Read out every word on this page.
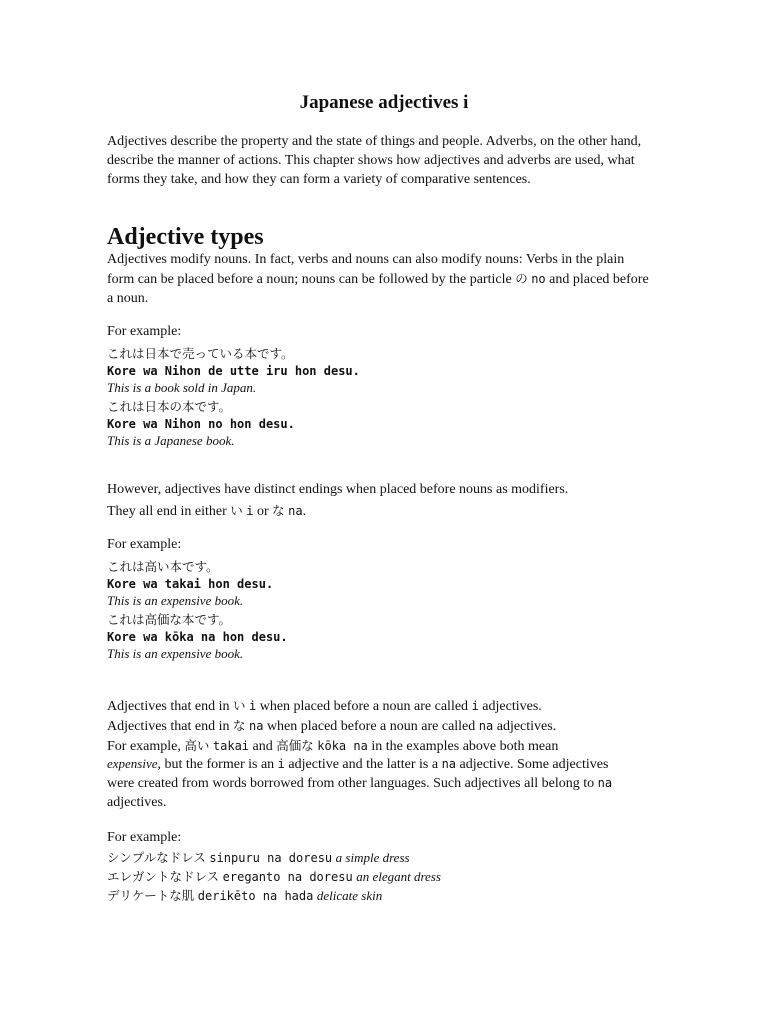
Japanese adjectives i

Adjectives describe the property and the state of things and people. Adverbs, on the other hand, describe the manner of actions. This chapter shows how adjectives and adverbs are used, what forms they take, and how they can form a variety of comparative sentences.

Adjective types

Adjectives modify nouns. In fact, verbs and nouns can also modify nouns: Verbs in the plain form can be placed before a noun; nouns can be followed by the particle の no and placed before a noun.

For example:
これは日本で売っている本です。
Kore wa Nihon de utte iru hon desu.
This is a book sold in Japan.
これは日本の本です。
Kore wa Nihon no hon desu.
This is a Japanese book.
However, adjectives have distinct endings when placed before nouns as modifiers.
They all end in either い i or な na.
For example:
これは高い本です。
Kore wa takai hon desu.
This is an expensive book.
これは高価な本です。
Kore wa kōka na hon desu.
This is an expensive book.
Adjectives that end in い i when placed before a noun are called i adjectives.
Adjectives that end in な na when placed before a noun are called na adjectives.
For example, 高い takai and 高価な kōka na in the examples above both mean
expensive, but the former is an i adjective and the latter is a na adjective. Some adjectives
were created from words borrowed from other languages. Such adjectives all belong to na
adjectives.
For example:
シンプルなドレス sinpuru na doresu a simple dress
エレガントなドレス ereganto na doresu an elegant dress
デリケートな肌 derikēto na hada delicate skin
